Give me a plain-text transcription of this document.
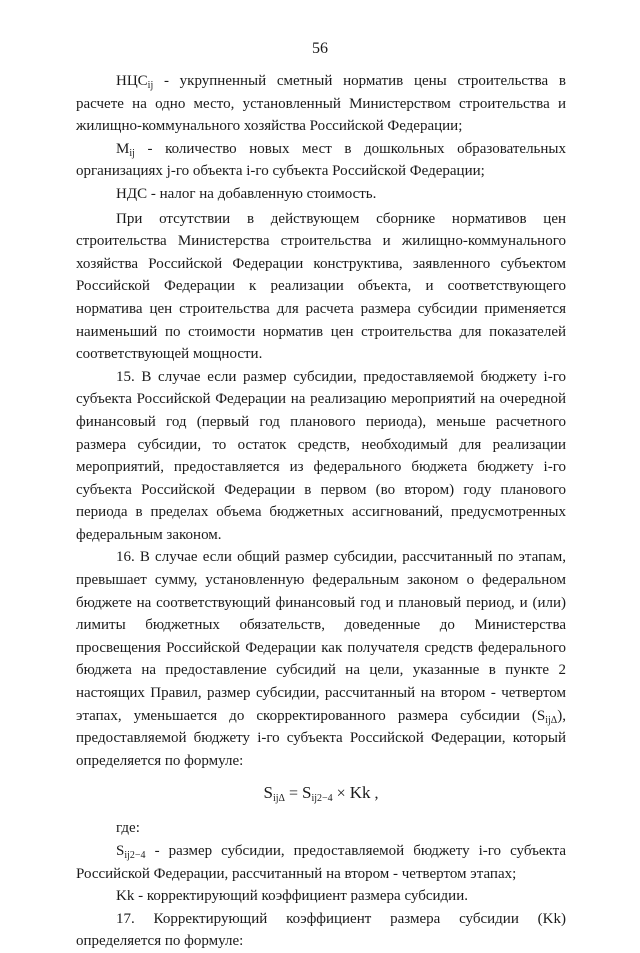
56

$НЦС_{ij}$ - укрупненный сметный норматив цены строительства в расчете на одно место, установленный Министерством строительства и жилищно-коммунального хозяйства Российской Федерации;

$M_{ij}$ - количество новых мест в дошкольных образовательных организациях j-го объекта i-го субъекта Российской Федерации;

НДС - налог на добавленную стоимость.

При отсутствии в действующем сборнике нормативов цен строительства Министерства строительства и жилищно-коммунального хозяйства Российской Федерации конструктива, заявленного субъектом Российской Федерации к реализации объекта, и соответствующего норматива цен строительства для расчета размера субсидии применяется наименьший по стоимости норматив цен строительства для показателей соответствующей мощности.

15. В случае если размер субсидии, предоставляемой бюджету i-го субъекта Российской Федерации на реализацию мероприятий на очередной финансовый год (первый год планового периода), меньше расчетного размера субсидии, то остаток средств, необходимый для реализации мероприятий, предоставляется из федерального бюджета бюджету i-го субъекта Российской Федерации в первом (во втором) году планового периода в пределах объема бюджетных ассигнований, предусмотренных федеральным законом.

16. В случае если общий размер субсидии, рассчитанный по этапам, превышает сумму, установленную федеральным законом о федеральном бюджете на соответствующий финансовый год и плановый период, и (или) лимиты бюджетных обязательств, доведенные до Министерства просвещения Российской Федерации как получателя средств федерального бюджета на предоставление субсидий на цели, указанные в пункте 2 настоящих Правил, размер субсидии, рассчитанный на втором - четвертом этапах, уменьшается до скорректированного размера субсидии $(S_{ij\Delta})$, предоставляемой бюджету i-го субъекта Российской Федерации, который определяется по формуле:

$S_{ij\Delta} = S_{ij2-4} \times Kk$ ,

где:

$S_{ij2-4}$ - размер субсидии, предоставляемой бюджету i-го субъекта Российской Федерации, рассчитанный на втором - четвертом этапах;

Kk - корректирующий коэффициент размера субсидии.

17. Корректирующий коэффициент размера субсидии (Kk) определяется по формуле:
